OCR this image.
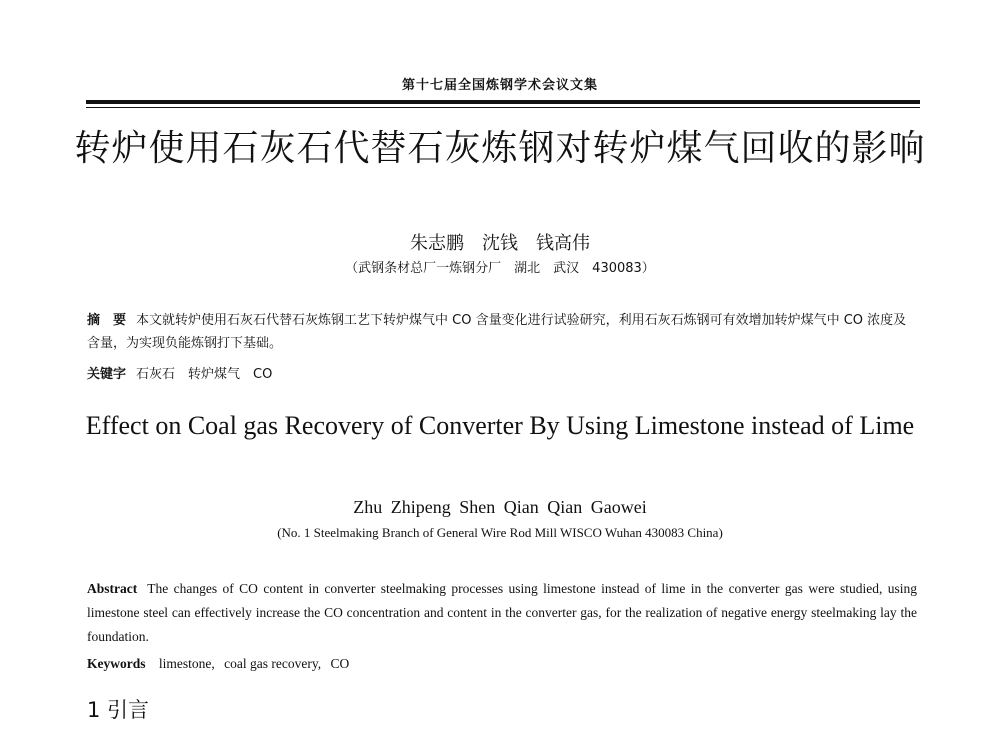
第十七届全国炼钢学术会议文集
转炉使用石灰石代替石灰炼钢对转炉煤气回收的影响
朱志鹏　沈钱　钱高伟
（武钢条材总厂一炼钢分厂　湖北　武汉　430083）
摘　要 本文就转炉使用石灰石代替石灰炼钢工艺下转炉煤气中 CO 含量变化进行试验研究，利用石灰石炼钢可有效增加转炉煤气中 CO 浓度及含量，为实现负能炼钢打下基础。
关键字 石灰石　转炉煤气　CO
Effect on Coal gas Recovery of Converter By Using Limestone instead of Lime
Zhu Zhipeng Shen Qian Qian Gaowei
(No. 1 Steelmaking Branch of General Wire Rod Mill WISCO Wuhan 430083 China)
Abstract The changes of CO content in converter steelmaking processes using limestone instead of lime in the converter gas were studied, using limestone steel can effectively increase the CO concentration and content in the converter gas, for the realization of negative energy steelmaking lay the foundation.
Keywords limestone, coal gas recovery, CO
1 引言
